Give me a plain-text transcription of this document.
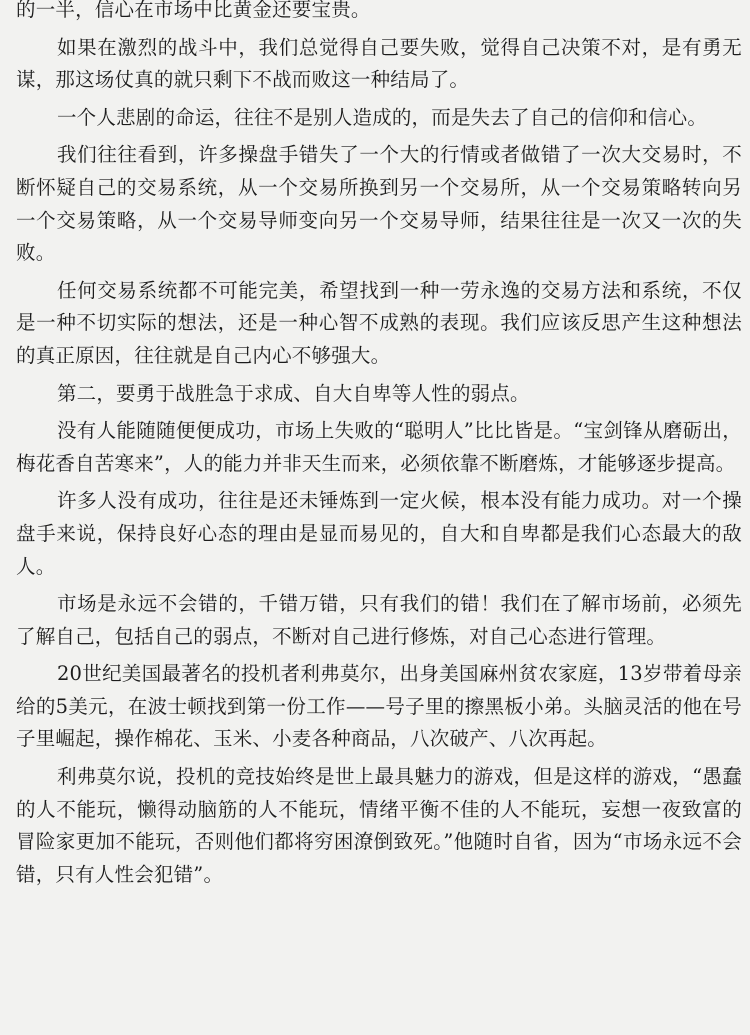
的一半，信心在市场中比黄金还要宝贵。

如果在激烈的战斗中，我们总觉得自己要失败，觉得自己决策不对，是有勇无谋，那这场仗真的就只剩下不战而败这一种结局了。

一个人悲剧的命运，往往不是别人造成的，而是失去了自己的信仰和信心。

我们往往看到，许多操盘手错失了一个大的行情或者做错了一次大交易时，不断怀疑自己的交易系统，从一个交易所换到另一个交易所，从一个交易策略转向另一个交易策略，从一个交易导师变向另一个交易导师，结果往往是一次又一次的失败。

任何交易系统都不可能完美，希望找到一种一劳永逸的交易方法和系统，不仅是一种不切实际的想法，还是一种心智不成熟的表现。我们应该反思产生这种想法的真正原因，往往就是自己内心不够强大。

第二，要勇于战胜急于求成、自大自卑等人性的弱点。

没有人能随随便便成功，市场上失败的“聪明人”比比皆是。“宝剑锋从磨砺出，梅花香自苦寒来”，人的能力并非天生而来，必须依靠不断磨炼，才能够逐步提高。

许多人没有成功，往往是还未锤炼到一定火候，根本没有能力成功。对一个操盘手来说，保持良好心态的理由是显而易见的，自大和自卑都是我们心态最大的敌人。

市场是永远不会错的，千错万错，只有我们的错！我们在了解市场前，必须先了解自己，包括自己的弱点，不断对自己进行修炼，对自己心态进行管理。

20世纪美国最著名的投机者利弗莫尔，出身美国麻州贫农家庭，13岁带着母亲给的5美元，在波士顿找到第一份工作——号子里的擦黑板小弟。头脑灵活的他在号子里崛起，操作棉花、玉米、小麦各种商品，八次破产、八次再起。

利弗莫尔说，投机的竞技始终是世上最具魅力的游戏，但是这样的游戏，“愚蠢的人不能玩，懒得动脑筋的人不能玩，情绪平衡不佳的人不能玩，妄想一夜致富的冒险家更加不能玩，否则他们都将穷困潦倒致死。”他随时自省，因为“市场永远不会错，只有人性会犯错”。
